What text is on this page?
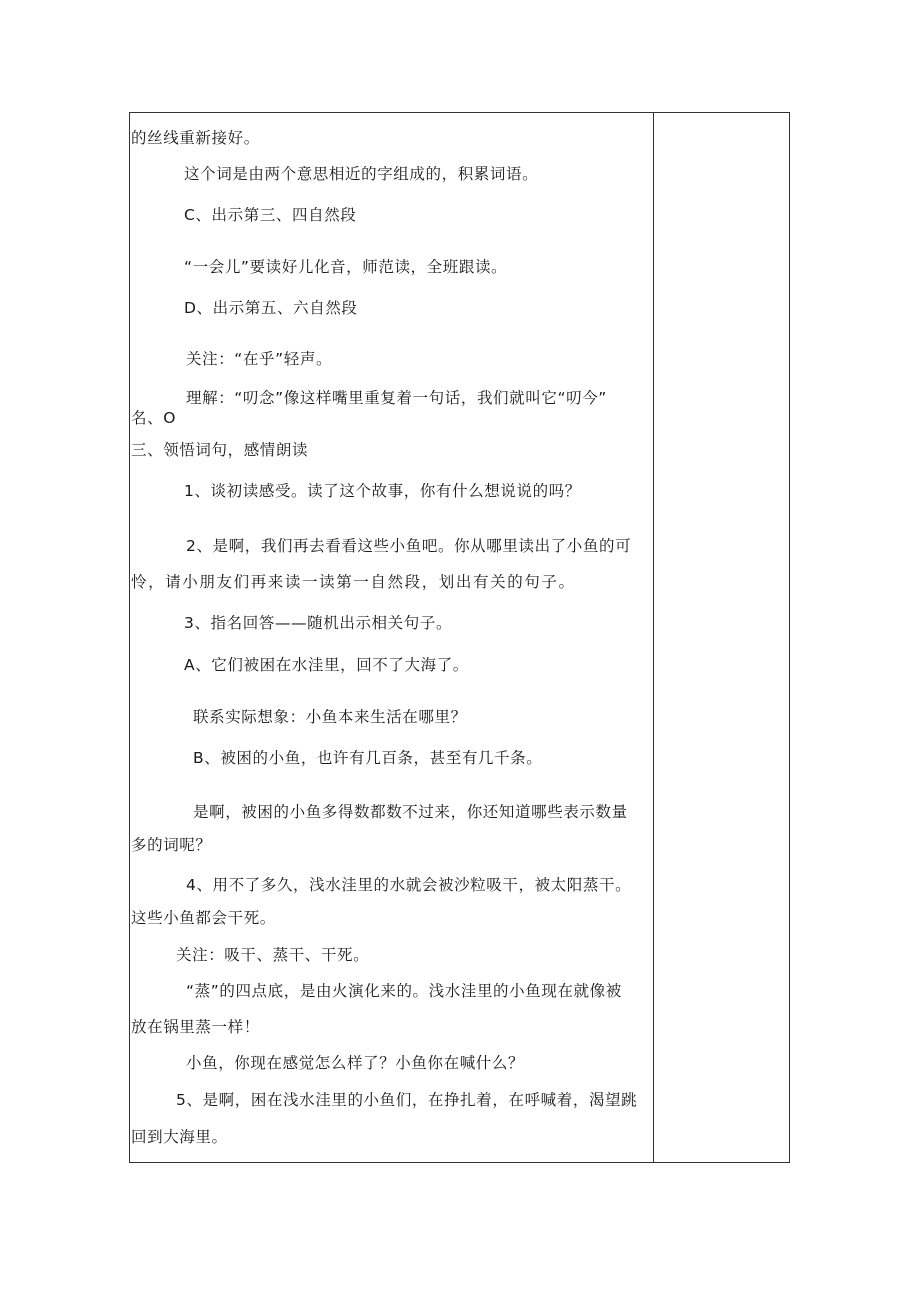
的丝线重新接好。
这个词是由两个意思相近的字组成的，积累词语。
C、出示第三、四自然段
“一会儿”要读好儿化音，师范读，全班跟读。
D、出示第五、六自然段
关注：“在乎”轻声。
理解：“叨念”像这样嘴里重复着一句话，我们就叫它“叨今”
名、O
三、领悟词句，感情朗读
1、谈初读感受。读了这个故事，你有什么想说说的吗？
2、是啊，我们再去看看这些小鱼吧。你从哪里读出了小鱼的可
怜，请小朋友们再来读一读第一自然段，划出有关的句子。
3、指名回答——随机出示相关句子。
A、它们被困在水洼里，回不了大海了。
联系实际想象：小鱼本来生活在哪里？
B、被困的小鱼，也许有几百条，甚至有几千条。
是啊，被困的小鱼多得数都数不过来，你还知道哪些表示数量
多的词呢？
4、用不了多久，浅水洼里的水就会被沙粒吸干，被太阳蒸干。
这些小鱼都会干死。
关注：吸干、蒸干、干死。
“蒸”的四点底，是由火演化来的。浅水洼里的小鱼现在就像被
放在锅里蒸一样！
小鱼，你现在感觉怎么样了？小鱼你在喊什么？
5、是啊，困在浅水洼里的小鱼们，在挣扎着，在呼喊着，渴望跳
回到大海里。
